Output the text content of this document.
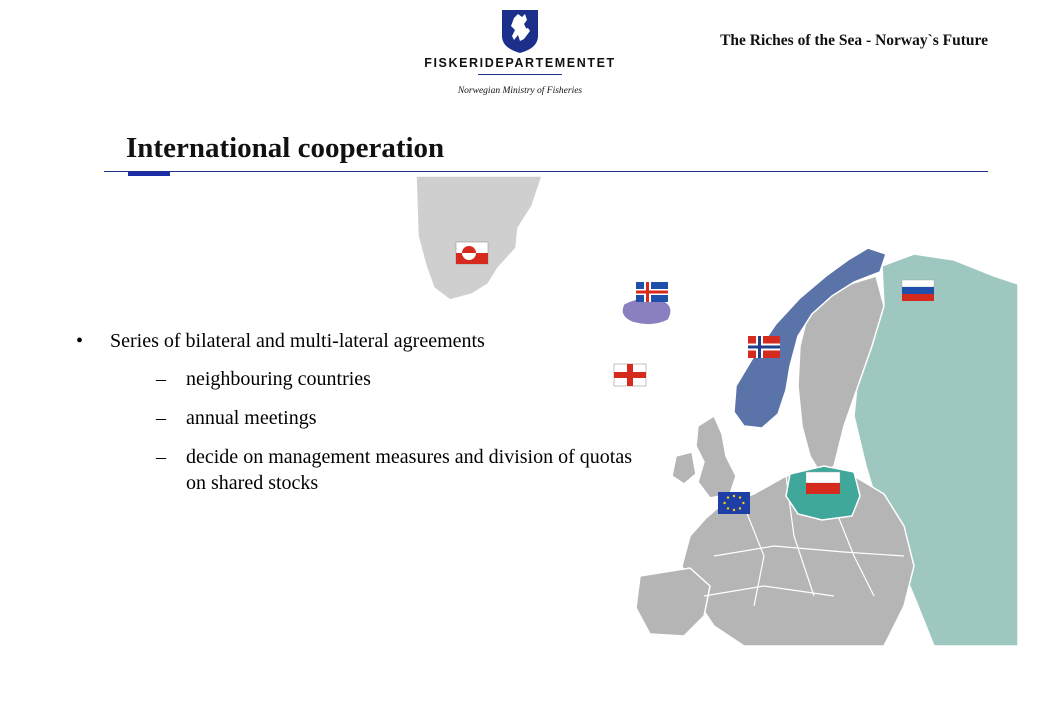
FISKERIDEPARTEMENTET
Norwegian Ministry of Fisheries
The Riches of the Sea - Norway`s Future
International cooperation
• Series of bilateral and multi-lateral agreements
– neighbouring countries
– annual meetings
– decide on management measures and division of quotas on shared stocks
